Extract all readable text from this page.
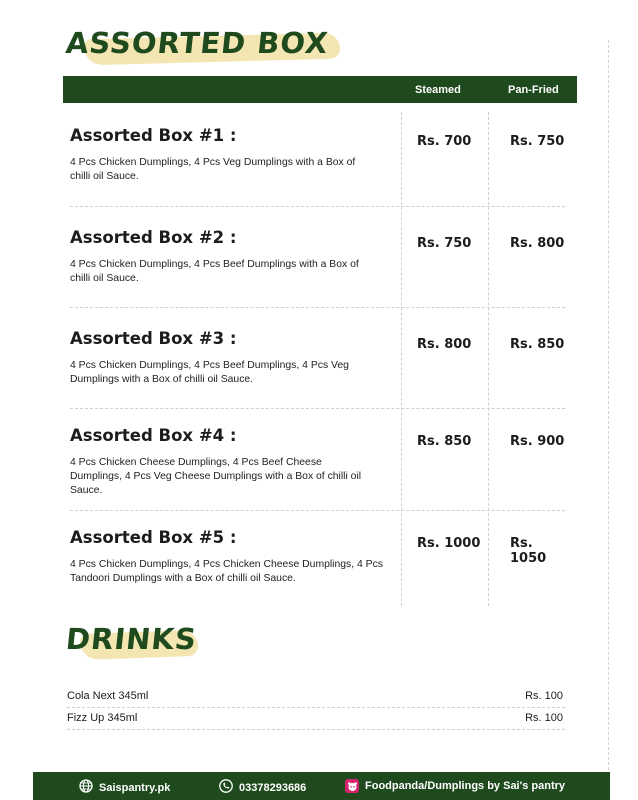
ASSORTED BOX
Steamed	Pan-Fried
Assorted Box #1 :

4 Pcs Chicken Dumplings, 4 Pcs Veg Dumplings with a Box of chilli oil Sauce.

Rs. 700	Rs. 750
Assorted Box #2 :

4 Pcs Chicken Dumplings, 4 Pcs Beef Dumplings with a Box of chilli oil Sauce.

Rs. 750	Rs. 800
Assorted Box #3 :

4 Pcs Chicken Dumplings, 4 Pcs Beef Dumplings, 4 Pcs Veg Dumplings with a Box of chilli oil Sauce.

Rs. 800	Rs. 850
Assorted Box #4 :

4 Pcs Chicken Cheese Dumplings, 4 Pcs Beef Cheese Dumplings, 4 Pcs Veg Cheese Dumplings with a Box of chilli oil Sauce.

Rs. 850	Rs. 900
Assorted Box #5 :

4 Pcs Chicken Dumplings, 4 Pcs Chicken Cheese Dumplings, 4 Pcs Tandoori Dumplings with a Box of chilli oil Sauce.

Rs. 1000 Rs. 1050
DRINKS
Cola Next 345ml	Rs. 100
Fizz Up 345ml	Rs. 100
Saispantry.pk	03378293686	Foodpanda/Dumplings by Sai's pantry
